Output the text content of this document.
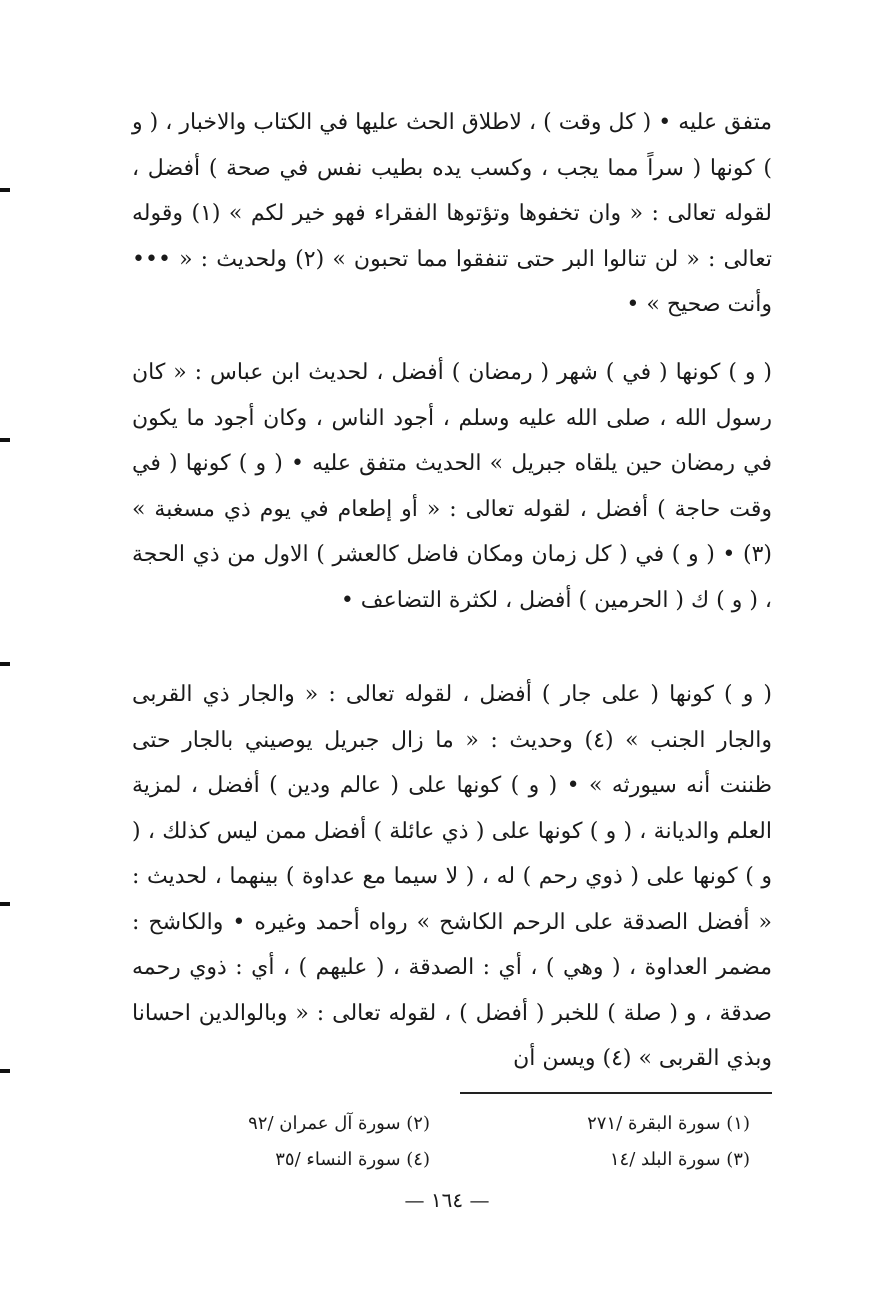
متفق عليه • ( كل وقت ) ، لاطلاق الحث عليها في الكتاب والاخبار ، ( و ) كونها ( سراً مما يجب ، وكسب يده بطيب نفس في صحة ) أفضل ، لقوله تعالى : « وان تخفوها وتؤتوها الفقراء فهو خير لكم » (١) وقوله تعالى : « لن تنالوا البر حتى تنفقوا مما تحبون » (٢) ولحديث : « ••• وأنت صحيح » •

( و ) كونها ( في ) شهر ( رمضان ) أفضل ، لحديث ابن عباس : « كان رسول الله ، صلى الله عليه وسلم ، أجود الناس ، وكان أجود ما يكون في رمضان حين يلقاه جبريل » الحديث متفق عليه • ( و ) كونها ( في وقت حاجة ) أفضل ، لقوله تعالى : « أو إطعام في يوم ذي مسغبة » (٣) • ( و ) في ( كل زمان ومكان فاضل كالعشر ) الاول من ذي الحجة ، ( و ) ك ( الحرمين ) أفضل ، لكثرة التضاعف •

( و ) كونها ( على جار ) أفضل ، لقوله تعالى : « والجار ذي القربى والجار الجنب » (٤) وحديث : « ما زال جبريل يوصيني بالجار حتى ظننت أنه سيورثه » • ( و ) كونها على ( عالم ودين ) أفضل ، لمزية العلم والديانة ، ( و ) كونها على ( ذي عائلة ) أفضل ممن ليس كذلك ، ( و ) كونها على ( ذوي رحم ) له ، ( لا سيما مع عداوة ) بينهما ، لحديث : « أفضل الصدقة على الرحم الكاشح » رواه أحمد وغيره • والكاشح : مضمر العداوة ، ( وهي ) ، أي : الصدقة ، ( عليهم ) ، أي : ذوي رحمه صدقة ، و ( صلة ) للخبر ( أفضل ) ، لقوله تعالى : « وبالوالدين احسانا وبذي القربى » (٤) ويسن أن

(١) سورة البقرة /٢٧١
(٢) سورة آل عمران /٩٢
(٣) سورة البلد /١٤
(٤) سورة النساء /٣٥
— ١٦٤ —
